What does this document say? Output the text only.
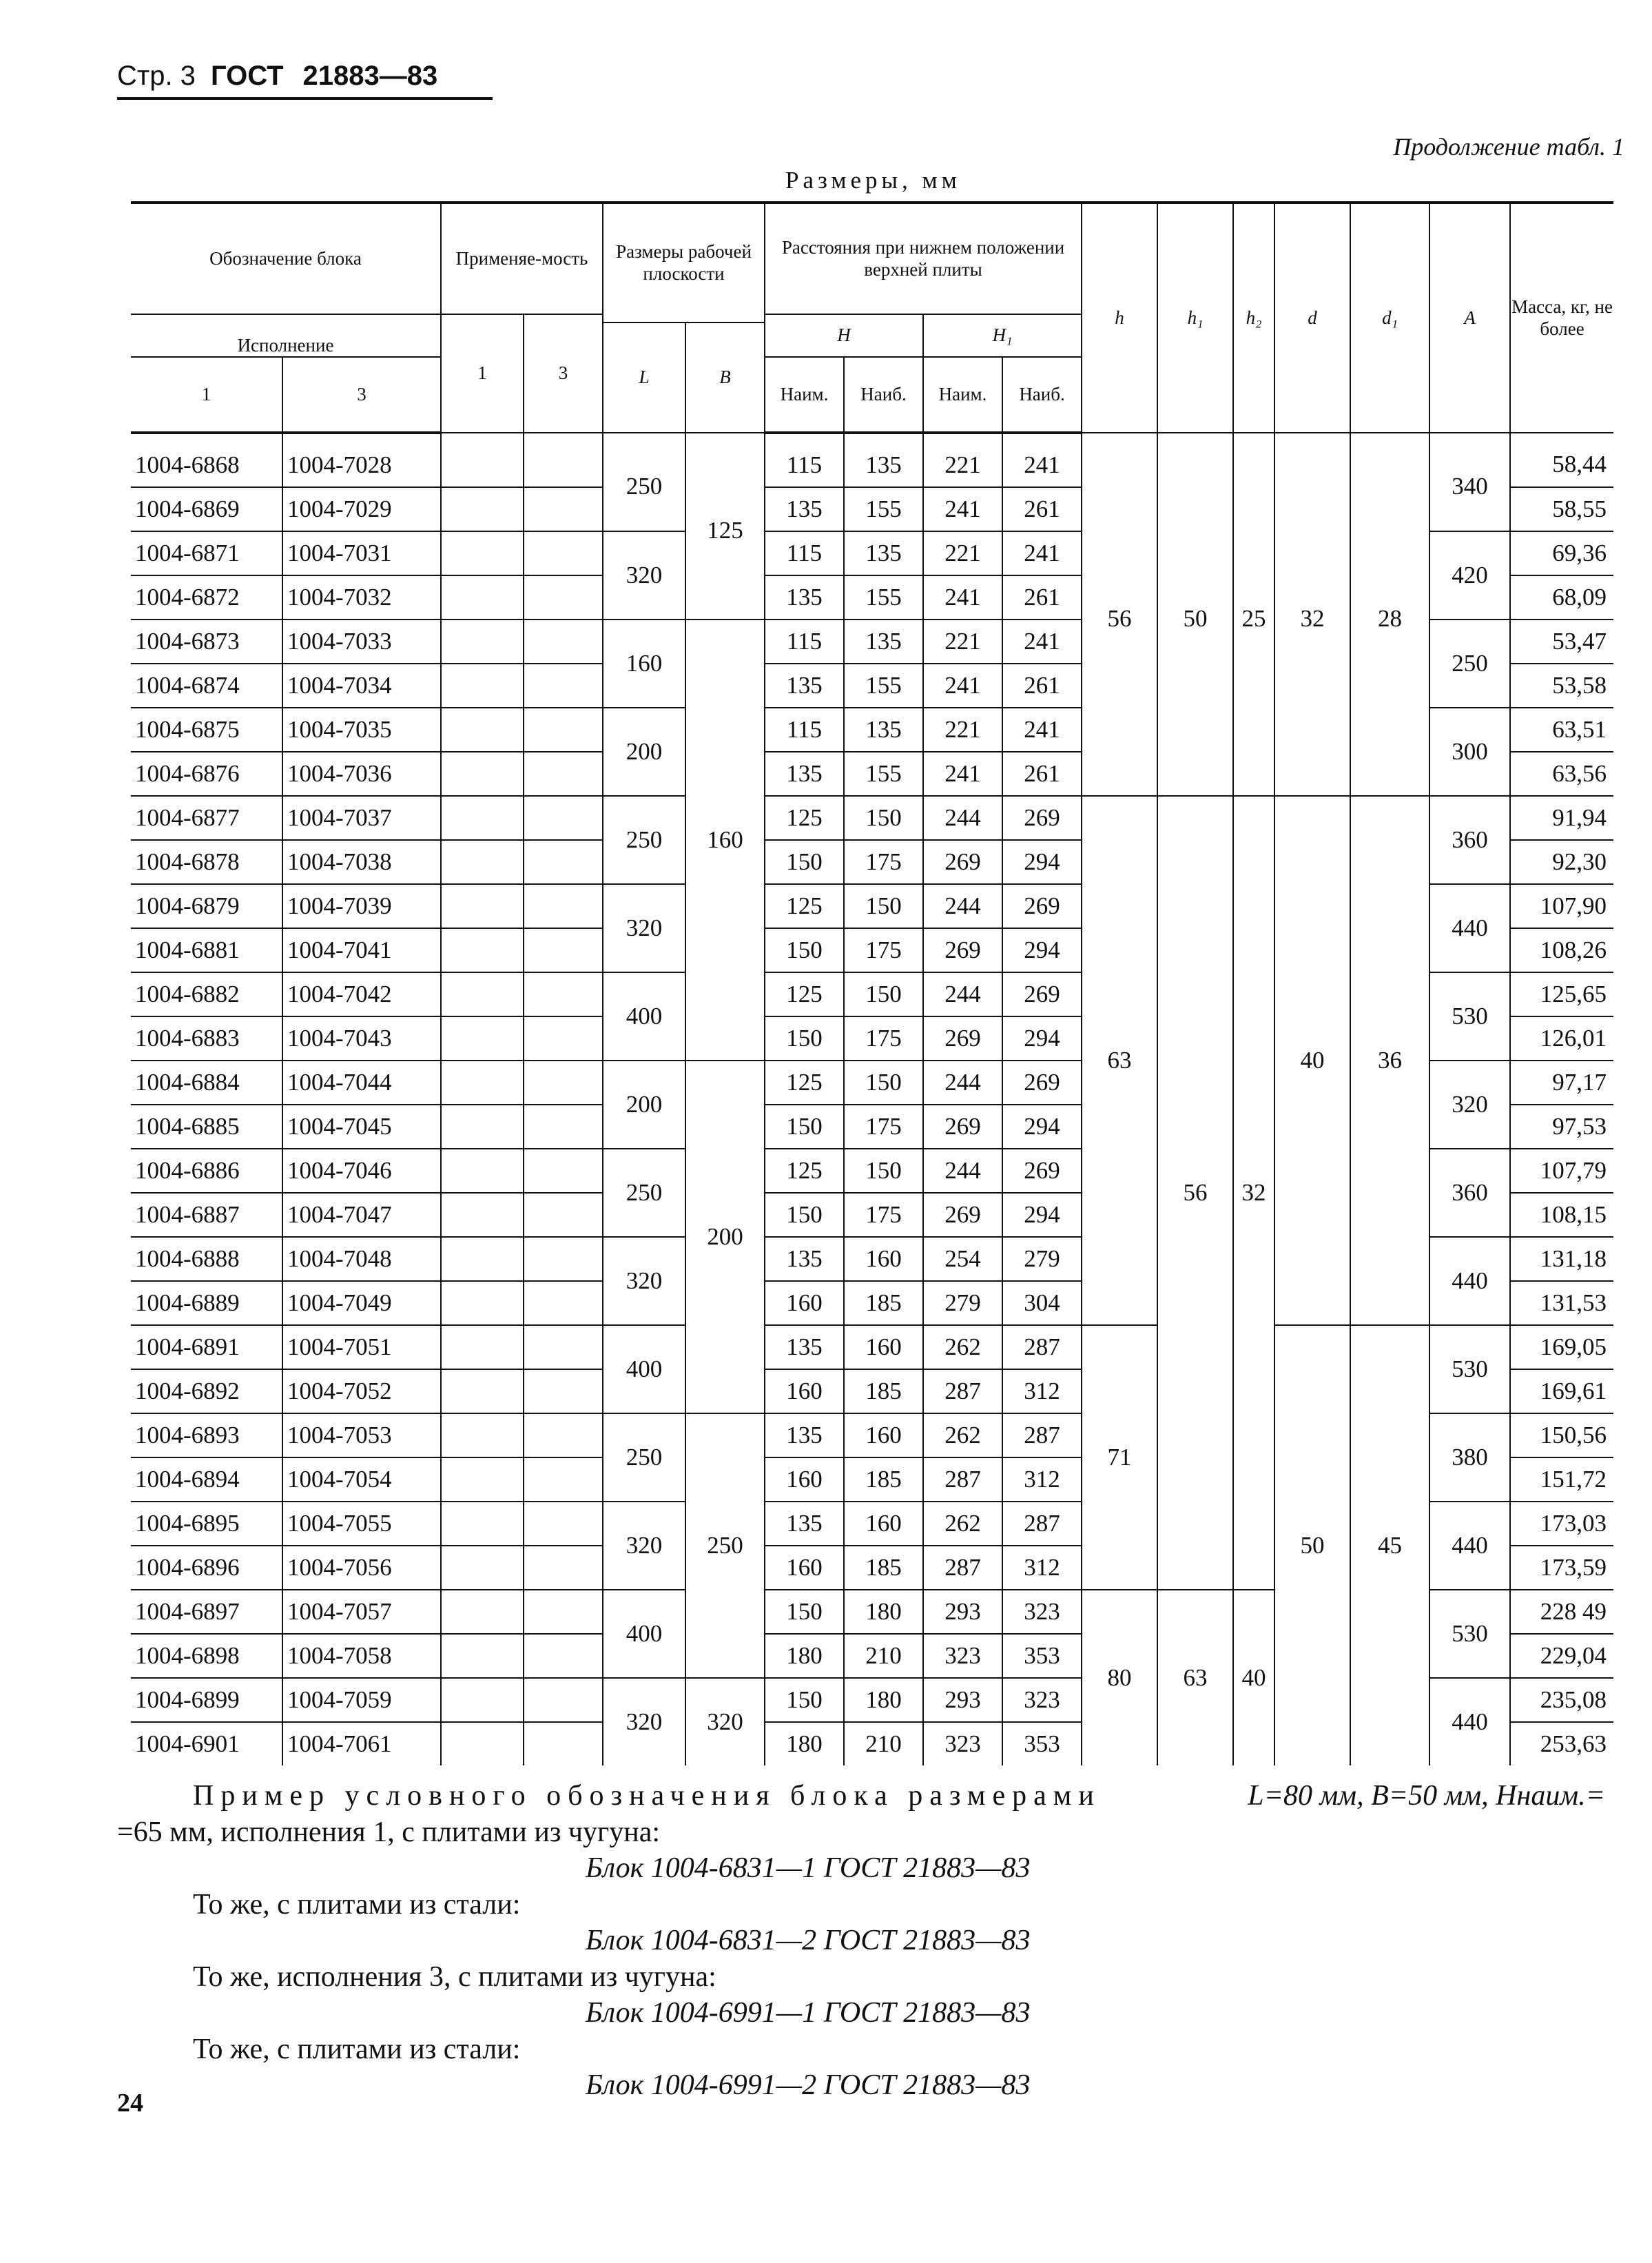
Стр. 3 ГОСТ 21883—83
Продолжение табл. 1
Размеры, мм
Обозначение блока		Применяе-мость		Размеры рабочей плоскости		Расстояния при нижнем положении верхней плиты				h	h₁	h₂	d	d₁	A	Масса, кг, не более
Исполнение		1	3			H		H₁								
				L	B											
1	3					Наим.	Наиб.	Наим.	Наиб.							
1004-6868	1004-7028			250	125	115	135	221	241	56	50	25	32	28	340	58,44
1004-6869	1004-7029					135	155	241	261							58,55
1004-6871	1004-7031			320		115	135	221	241						420	69,36
1004-6872	1004-7032					135	155	241	261							68,09
1004-6873	1004-7033			160	160	115	135	221	241						250	53,47
1004-6874	1004-7034					135	155	241	261							53,58
1004-6875	1004-7035			200		115	135	221	241						300	63,51
1004-6876	1004-7036					135	155	241	261							63,56
1004-6877	1004-7037			250		125	150	244	269	63	56	32	40	36	360	91,94
1004-6878	1004-7038					150	175	269	294							92,30
1004-6879	1004-7039			320		125	150	244	269						440	107,90
1004-6881	1004-7041					150	175	269	294							108,26
1004-6882	1004-7042			400		125	150	244	269						530	125,65
1004-6883	1004-7043					150	175	269	294							126,01
1004-6884	1004-7044			200	200	125	150	244	269						320	97,17
1004-6885	1004-7045					150	175	269	294							97,53
1004-6886	1004-7046			250		125	150	244	269						360	107,79
1004-6887	1004-7047					150	175	269	294							108,15
1004-6888	1004-7048			320		135	160	254	279						440	131,18
1004-6889	1004-7049					160	185	279	304							131,53
1004-6891	1004-7051			400		135	160	262	287	71			50	45	530	169,05
1004-6892	1004-7052					160	185	287	312							169,61
1004-6893	1004-7053			250	250	135	160	262	287						380	150,56
1004-6894	1004-7054					160	185	287	312							151,72
1004-6895	1004-7055			320		135	160	262	287						440	173,03
1004-6896	1004-7056					160	185	287	312							173,59
1004-6897	1004-7057			400		150	180	293	323	80	63	40			530	228 49
1004-6898	1004-7058					180	210	323	353							229,04
1004-6899	1004-7059			320	320	150	180	293	323						440	235,08
1004-6901	1004-7061					180	210	323	353							253,63

Пример условного обозначения блока размерами	L=80 мм, B=50 мм, Hнаим.=

=65 мм, исполнения 1, с плитами из чугуна:

Блок 1004-6831—1 ГОСТ 21883—83

То же, с плитами из стали:

Блок 1004-6831—2 ГОСТ 21883—83

То же, исполнения 3, с плитами из чугуна:

Блок 1004-6991—1 ГОСТ 21883—83

То же, с плитами из стали:

Блок 1004-6991—2 ГОСТ 21883—83

24
